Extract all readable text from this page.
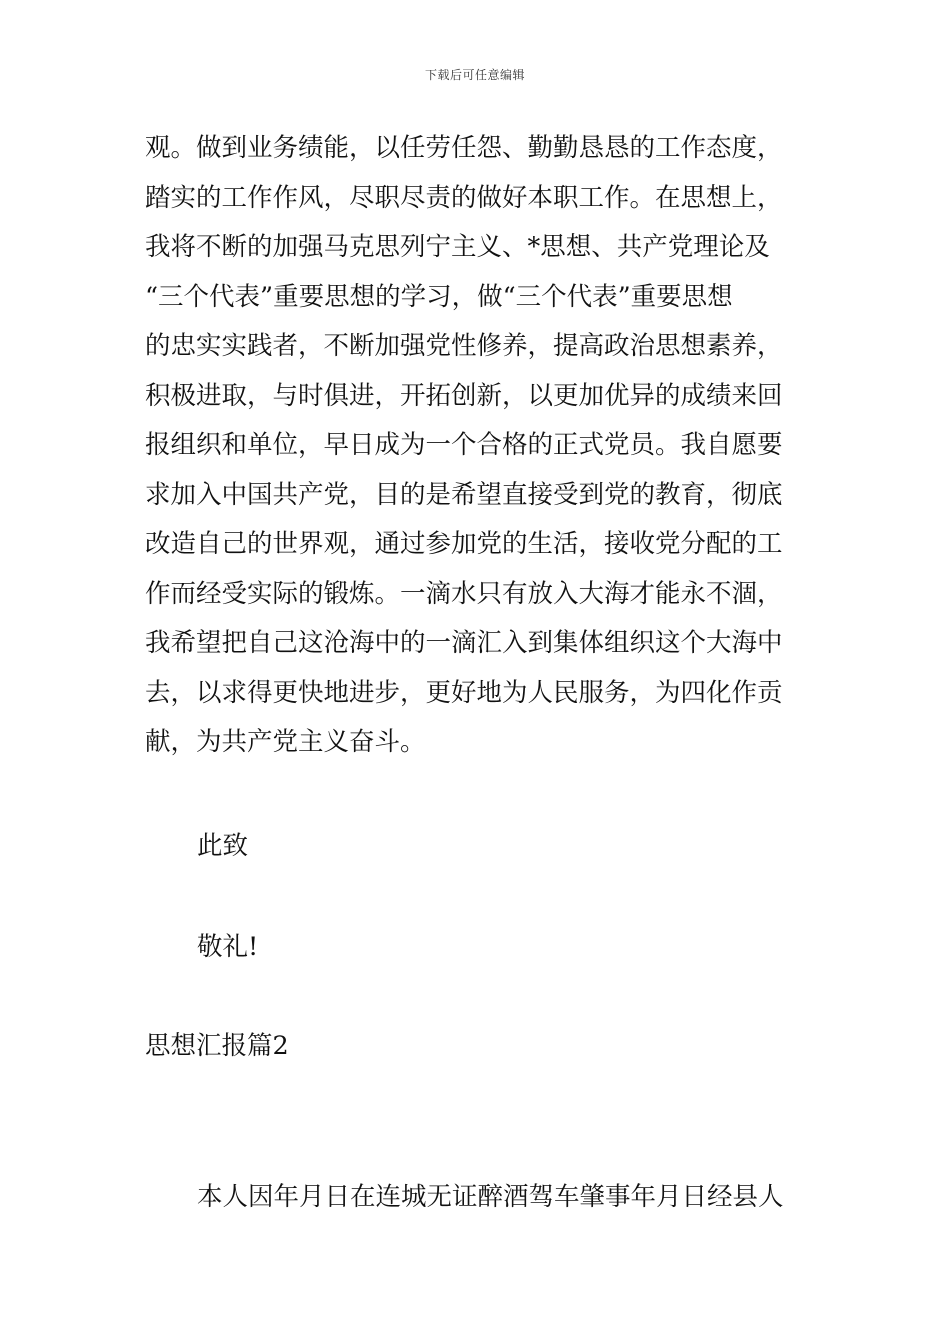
下载后可任意编辑
观。做到业务绩能，以任劳任怨、勤勤恳恳的工作态度，
踏实的工作作风，尽职尽责的做好本职工作。在思想上，
我将不断的加强马克思列宁主义、*思想、共产党理论及
“三个代表”重要思想的学习，做“三个代表”重要思想
的忠实实践者，不断加强党性修养，提高政治思想素养，
积极进取，与时俱进，开拓创新，以更加优异的成绩来回
报组织和单位，早日成为一个合格的正式党员。我自愿要
求加入中国共产党，目的是希望直接受到党的教育，彻底
改造自己的世界观，通过参加党的生活，接收党分配的工
作而经受实际的锻炼。一滴水只有放入大海才能永不涸，
我希望把自己这沧海中的一滴汇入到集体组织这个大海中
去，以求得更快地进步，更好地为人民服务，为四化作贡
献，为共产党主义奋斗。
此致
敬礼!
思想汇报篇2
本人因年月日在连城无证醉酒驾车肇事年月日经县人
